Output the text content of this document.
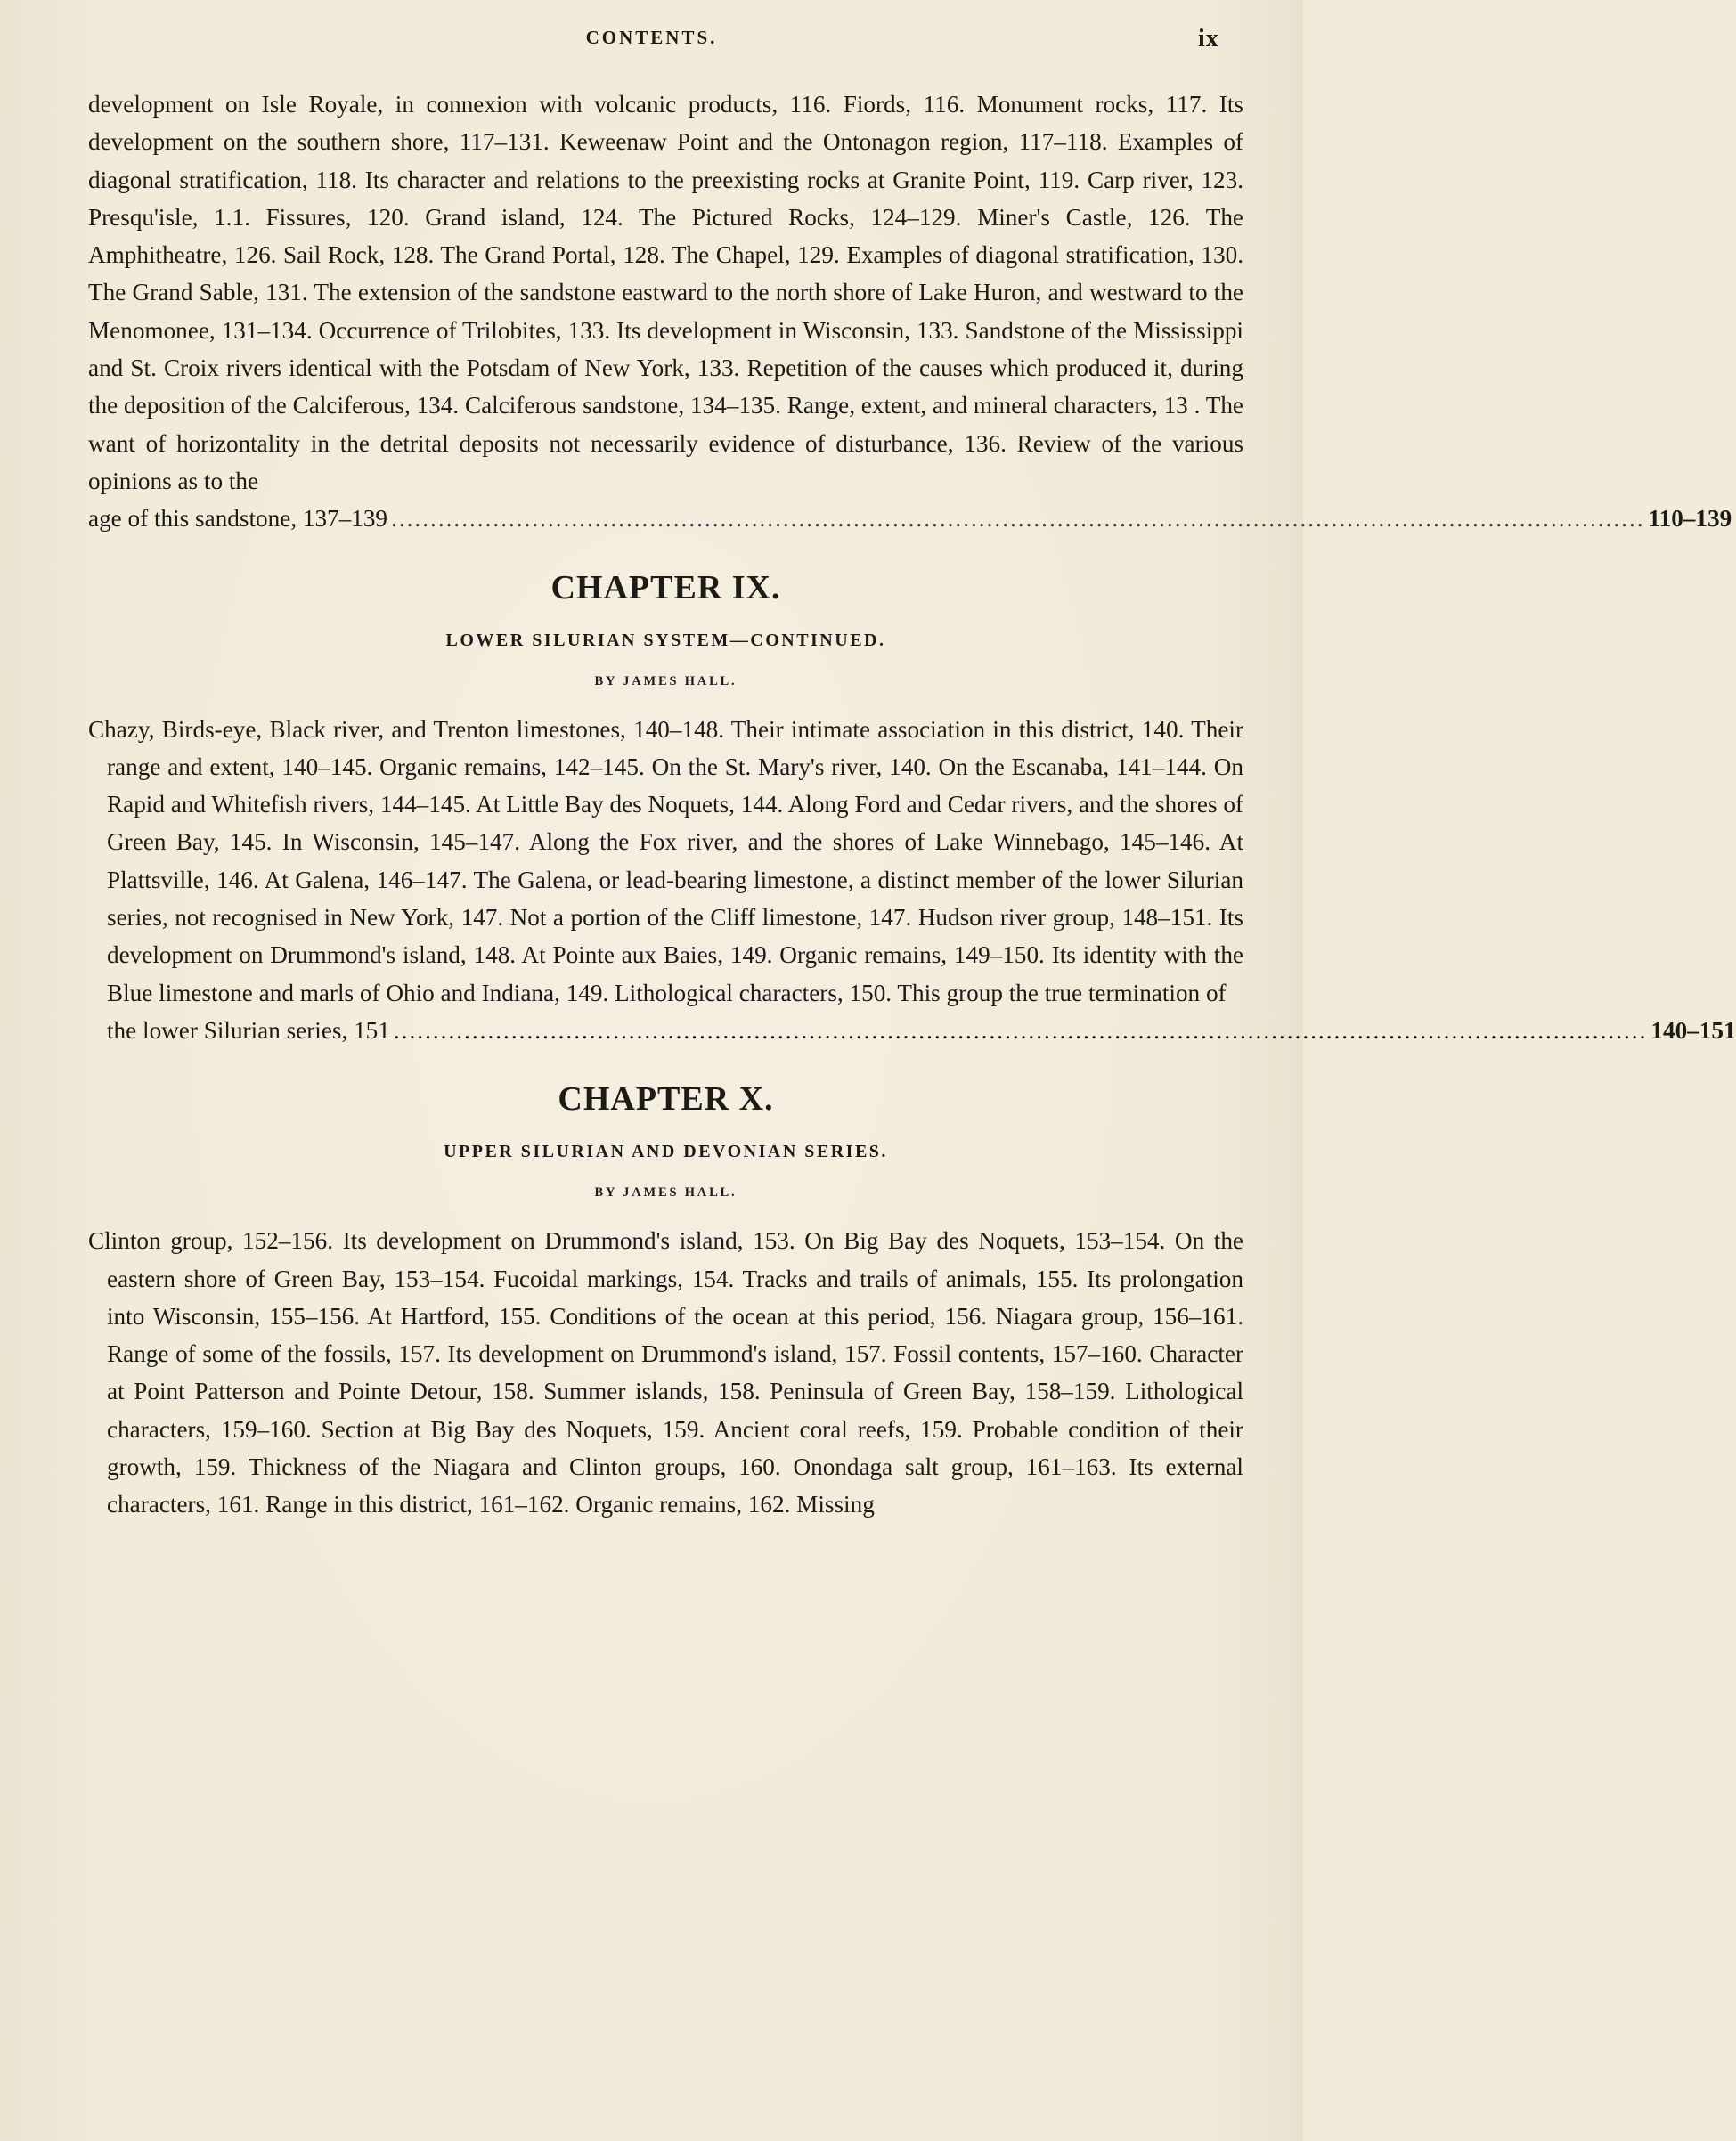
CONTENTS.	ix

development on Isle Royale, in connexion with volcanic products, 116. Fiords, 116. Monument rocks, 117. Its development on the southern shore, 117–131. Keweenaw Point and the Ontonagon region, 117–118. Examples of diagonal stratification, 118. Its character and relations to the preexisting rocks at Granite Point, 119. Carp river, 123. Presqu'isle, 1.1. Fissures, 120. Grand island, 124. The Pictured Rocks, 124–129. Miner's Castle, 126. The Amphitheatre, 126. Sail Rock, 128. The Grand Portal, 128. The Chapel, 129. Examples of diagonal stratification, 130. The Grand Sable, 131. The extension of the sandstone eastward to the north shore of Lake Huron, and westward to the Menomonee, 131–134. Occurrence of Trilobites, 133. Its development in Wisconsin, 133. Sandstone of the Mississippi and St. Croix rivers identical with the Potsdam of New York, 133. Repetition of the causes which produced it, during the deposition of the Calciferous, 134. Calciferous sandstone, 134–135. Range, extent, and mineral characters, 13 . The want of horizontality in the detrital deposits not necessarily evidence of disturbance, 136. Review of the various opinions as to the

age of this sandstone, 137–139 ................................................................................................................................................................ 110–139
CHAPTER IX.
LOWER SILURIAN SYSTEM—CONTINUED.
BY JAMES HALL.

Chazy, Birds-eye, Black river, and Trenton limestones, 140–148. Their intimate association in this district, 140. Their range and extent, 140–145. Organic remains, 142–145. On the St. Mary's river, 140. On the Escanaba, 141–144. On Rapid and Whitefish rivers, 144–145. At Little Bay des Noquets, 144. Along Ford and Cedar rivers, and the shores of Green Bay, 145. In Wisconsin, 145–147. Along the Fox river, and the shores of Lake Winnebago, 145–146. At Plattsville, 146. At Galena, 146–147. The Galena, or lead-bearing limestone, a distinct member of the lower Silurian series, not recognised in New York, 147. Not a portion of the Cliff limestone, 147. Hudson river group, 148–151. Its development on Drummond's island, 148. At Pointe aux Baies, 149. Organic remains, 149–150. Its identity with the Blue limestone and marls of Ohio and Indiana, 149. Lithological characters, 150. This group the true termination of

the lower Silurian series, 151 ................................................................................................................................................................ 140–151
CHAPTER X.
UPPER SILURIAN AND DEVONIAN SERIES.
BY JAMES HALL.

Clinton group, 152–156. Its development on Drummond's island, 153. On Big Bay des Noquets, 153–154. On the eastern shore of Green Bay, 153–154. Fucoidal markings, 154. Tracks and trails of animals, 155. Its prolongation into Wisconsin, 155–156. At Hartford, 155. Conditions of the ocean at this period, 156. Niagara group, 156–161. Range of some of the fossils, 157. Its development on Drummond's island, 157. Fossil contents, 157–160. Character at Point Patterson and Pointe Detour, 158. Summer islands, 158. Peninsula of Green Bay, 158–159. Lithological characters, 159–160. Section at Big Bay des Noquets, 159. Ancient coral reefs, 159. Probable condition of their growth, 159. Thickness of the Niagara and Clinton groups, 160. Onondaga salt group, 161–163. Its external characters, 161. Range in this district, 161–162. Organic remains, 162. Missing
